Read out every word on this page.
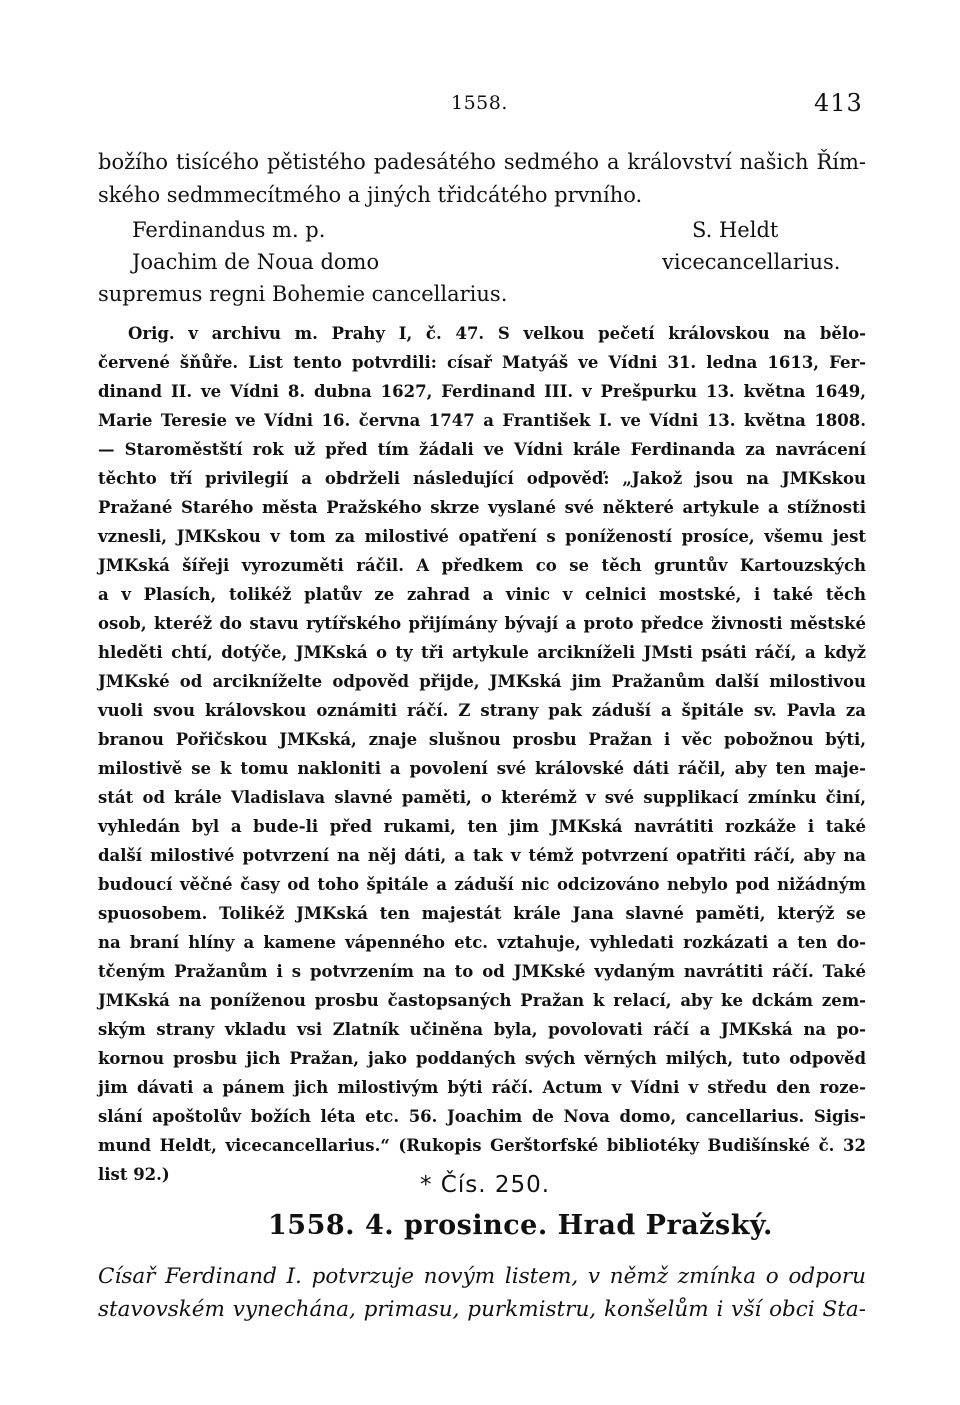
1558.	413
božího tisícého pětistého padesátého sedmého a království našich Řím-
ského sedmmecítmého a jiných třidcátého prvního.
Ferdinandus m. p.
Joachim de Noua domo
supremus regni Bohemie cancellarius.
S. Heldt
vicecancellarius.
Orig. v archivu m. Prahy I, č. 47. S velkou pečetí královskou na bělo-
červené šňůře. List tento potvrdili: císař Matyáš ve Vídni 31. ledna 1613, Fer-
dinand II. ve Vídni 8. dubna 1627, Ferdinand III. v Prešpurku 13. května 1649,
Marie Teresie ve Vídni 16. června 1747 a František I. ve Vídni 13. května 1808.
— Staroměstští rok už před tím žádali ve Vídni krále Ferdinanda za navrácení
těchto tří privilegií a obdrželi následující odpověď: „Jakož jsou na JMKskou
Pražané Starého města Pražského skrze vyslané své některé artykule a stížnosti
vznesli, JMKskou v tom za milostivé opatření s ponížeností prosíce, všemu jest
JMKská šířeji vyrozuměti ráčil. A předkem co se těch gruntův Kartouzských
a v Plasích, tolikéž platův ze zahrad a vinic v celnici mostské, i také těch
osob, kteréž do stavu rytířského přijímány bývají a proto předce živnosti městské
hleděti chtí, dotýče, JMKská o ty tři artykule arcikníželi JMsti psáti ráčí, a když
JMKské od arcikníželte odpověd přijde, JMKská jim Pražanům další milostivou
vuoli svou královskou oznámiti ráčí. Z strany pak záduší a špitále sv. Pavla za
branou Pořičskou JMKská, znaje slušnou prosbu Pražan i věc pobožnou býti,
milostivě se k tomu nakloniti a povolení své královské dáti ráčil, aby ten maje-
stát od krále Vladislava slavné paměti, o kterémž v své supplikací zmínku činí,
vyhledán byl a bude-li před rukami, ten jim JMKská navrátiti rozkáže i také
další milostivé potvrzení na něj dáti, a tak v témž potvrzení opatřiti ráčí, aby na
budoucí věčné časy od toho špitále a záduší nic odcizováno nebylo pod nižádným
spuosobem. Tolikéž JMKská ten majestát krále Jana slavné paměti, kterýž se
na braní hlíny a kamene vápenného etc. vztahuje, vyhledati rozkázati a ten do-
tčeným Pražanům i s potvrzením na to od JMKské vydaným navrátiti ráčí. Také
JMKská na poníženou prosbu častopsaných Pražan k relací, aby ke dckám zem-
ským strany vkladu vsi Zlatník učiněna byla, povolovati ráčí a JMKská na po-
kornou prosbu jich Pražan, jako poddaných svých věrných milých, tuto odpověd
jim dávati a pánem jich milostivým býti ráčí. Actum v Vídni v středu den roze-
slání apoštolův božích léta etc. 56. Joachim de Nova domo, cancellarius. Sigis-
mund Heldt, vicecancellarius.“ (Rukopis Gerštorfské bibliotéky Budišínské č. 32
list 92.)	* Čís. 250.
1558. 4. prosince. Hrad Pražský.
Císař Ferdinand I. potvrzuje novým listem, v němž zmínka o odporu
stavovském vynechána, primasu, purkmistru, konšelům i vší obci Sta-
